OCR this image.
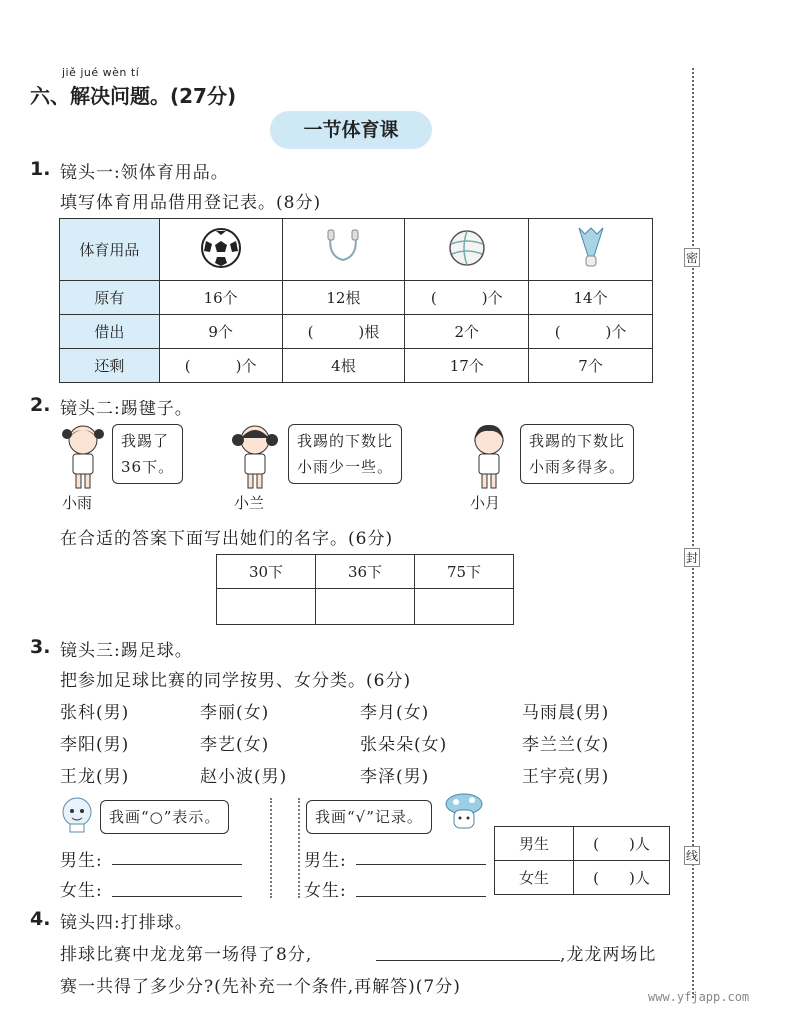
密
封
线
jiě jué wèn tí
六、解决问题。(27分)
一节体育课
1. 镜头一:领体育用品。
填写体育用品借用登记表。(8分)
体育用品				
原有	16个	12根	(　　　)个	14个
借出	9个	(　　　)根	2个	(　　　)个
还剩	(　　　)个	4根	17个	7个
2. 镜头二:踢毽子。
我踢了
36下。
小雨
我踢的下数比
小雨少一些。
小兰
我踢的下数比
小雨多得多。
小月
在合适的答案下面写出她们的名字。(6分)
30下	36下	75下

3. 镜头三:踢足球。
把参加足球比赛的同学按男、女分类。(6分)
张科(男)	李丽(女)	李月(女)	马雨晨(男)
李阳(男)	李艺(女)	张朵朵(女)	李兰兰(女)
王龙(男)	赵小波(男)	李泽(男)	王宇亮(男)
我画“○”表示。
男生:
女生:
我画“√”记录。
男生:
女生:
男生	(　　)人
女生	(　　)人
4. 镜头四:打排球。
排球比赛中龙龙第一场得了8分,	,龙龙两场比
赛一共得了多少分?(先补充一个条件,再解答)(7分)	www.yfjapp.com
